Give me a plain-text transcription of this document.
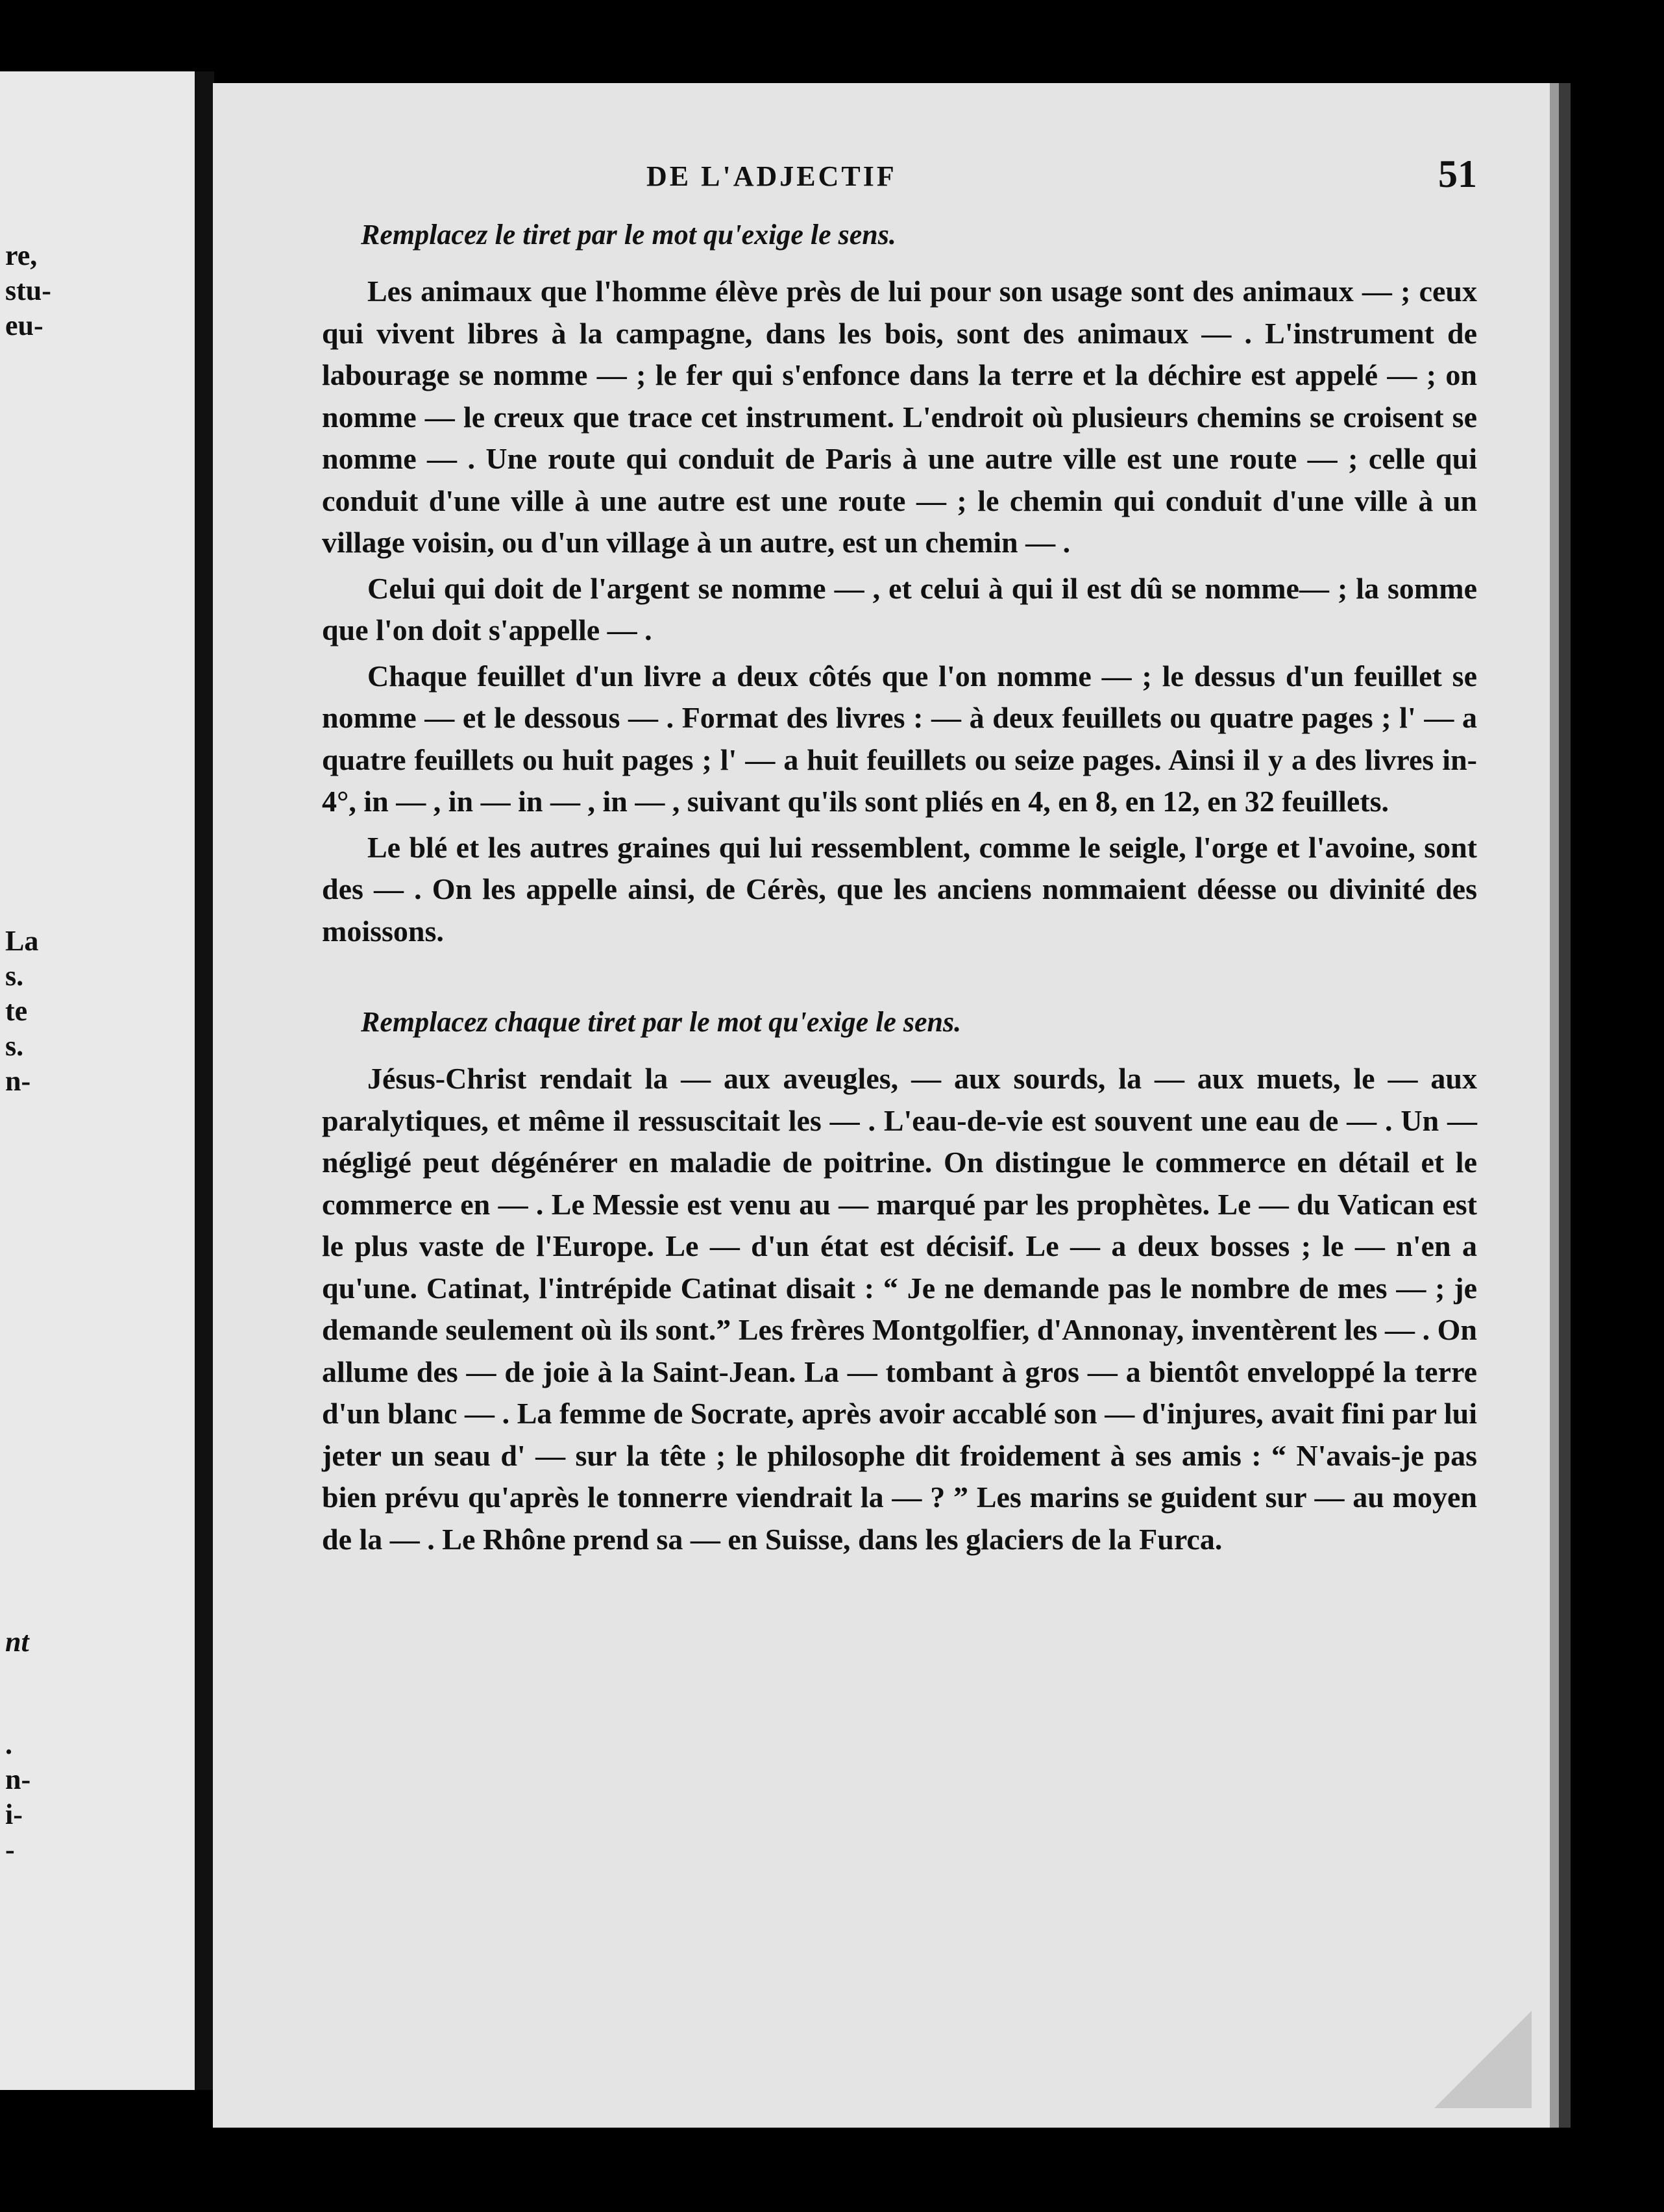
re,
stu-
eu-
La
s.
te
s.
n-
nt
.
n-
i-
-
DE L'ADJECTIF	51
Remplacez le tiret par le mot qu'exige le sens.

Les animaux que l'homme élève près de lui pour son usage sont des animaux — ; ceux qui vivent libres à la campagne, dans les bois, sont des animaux — . L'instrument de labourage se nomme — ; le fer qui s'enfonce dans la terre et la déchire est appelé — ; on nomme — le creux que trace cet instrument. L'endroit où plusieurs chemins se croisent se nomme — . Une route qui conduit de Paris à une autre ville est une route — ; celle qui conduit d'une ville à une autre est une route — ; le chemin qui conduit d'une ville à un village voisin, ou d'un village à un autre, est un chemin — .

Celui qui doit de l'argent se nomme — , et celui à qui il est dû se nomme— ; la somme que l'on doit s'appelle — .

Chaque feuillet d'un livre a deux côtés que l'on nomme — ; le dessus d'un feuillet se nomme — et le dessous — . Format des livres : — à deux feuillets ou quatre pages ; l' — a quatre feuillets ou huit pages ; l' — a huit feuillets ou seize pages. Ainsi il y a des livres in-4°, in — , in — in — , in — , suivant qu'ils sont pliés en 4, en 8, en 12, en 32 feuillets.

Le blé et les autres graines qui lui ressemblent, comme le seigle, l'orge et l'avoine, sont des — . On les appelle ainsi, de Cérès, que les anciens nommaient déesse ou divinité des moissons.

Remplacez chaque tiret par le mot qu'exige le sens.

Jésus-Christ rendait la — aux aveugles, — aux sourds, la — aux muets, le — aux paralytiques, et même il ressuscitait les — . L'eau-de-vie est souvent une eau de — . Un — négligé peut dégénérer en maladie de poitrine. On distingue le commerce en détail et le commerce en — . Le Messie est venu au — marqué par les prophètes. Le — du Vatican est le plus vaste de l'Europe. Le — d'un état est décisif. Le — a deux bosses ; le — n'en a qu'une. Catinat, l'intrépide Catinat disait : “ Je ne demande pas le nombre de mes — ; je demande seulement où ils sont.” Les frères Montgolfier, d'Annonay, inventèrent les — . On allume des — de joie à la Saint-Jean. La — tombant à gros — a bientôt enveloppé la terre d'un blanc — . La femme de Socrate, après avoir accablé son — d'injures, avait fini par lui jeter un seau d' — sur la tête ; le philosophe dit froidement à ses amis : “ N'avais-je pas bien prévu qu'après le tonnerre viendrait la — ? ” Les marins se guident sur — au moyen de la — . Le Rhône prend sa — en Suisse, dans les glaciers de la Furca.
